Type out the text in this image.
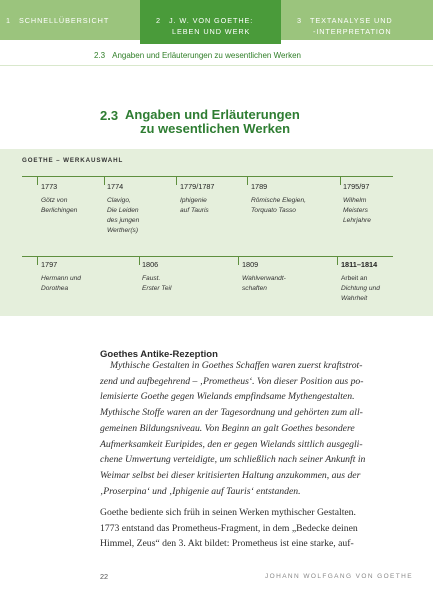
1 SCHNELLÜBERSICHT	2 J. W. VON GOETHE:
LEBEN UND WERK
3 TEXTANALYSE UND
-INTERPRETATION
2.3 Angaben und Erläuterungen zu wesentlichen Werken
2.3 Angaben und Erläuterungen
zu wesentlichen Werken
GOETHE – WERKAUSWAHL
1773
Götz von
Berlichingen
1774
Clavigo,
Die Leiden
des jungen
Werther(s)
1779/1787
Iphigenie
auf Tauris
1789
Römische Elegien,
Torquato Tasso
1795/97
Wilhelm
Meisters
Lehrjahre
1797
Hermann und
Dorothea
1806
Faust.
Erster Teil
1809
Wahlverwandt-
schaften
1811–1814
Arbeit an
Dichtung und
Wahrheit
Goethes Antike-Rezeption
Mythische Gestalten in Goethes Schaffen waren zuerst kraftstrot-
zend und aufbegehrend – ‚Prometheus‘. Von dieser Position aus po-
lemisierte Goethe gegen Wielands empfindsame Mythengestalten.
Mythische Stoffe waren an der Tagesordnung und gehörten zum all-
gemeinen Bildungsniveau. Von Beginn an galt Goethes besondere
Aufmerksamkeit Euripides, den er gegen Wielands sittlich ausgegli-
chene Umwertung verteidigte, um schließlich nach seiner Ankunft in
Weimar selbst bei dieser kritisierten Haltung anzukommen, aus der
‚Proserpina‘ und ‚Iphigenie auf Tauris‘ entstanden.
Goethe bediente sich früh in seinen Werken mythischer Gestalten.
1773 entstand das Prometheus-Fragment, in dem „Bedecke deinen
Himmel, Zeus“ den 3. Akt bildet: Prometheus ist eine starke, auf-
22	JOHANN WOLFGANG VON GOETHE
